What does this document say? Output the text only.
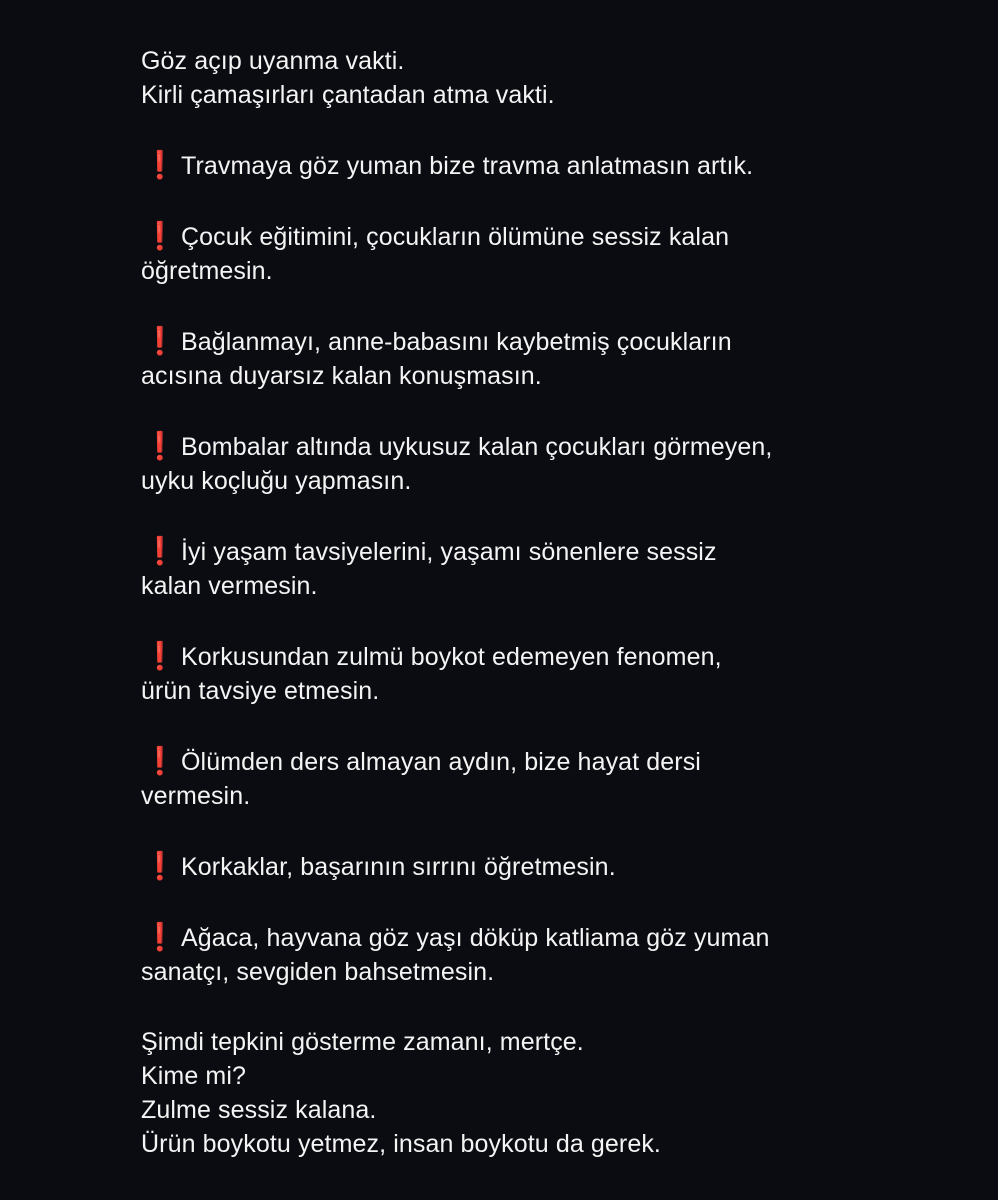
Göz açıp uyanma vakti.
Kirli çamaşırları çantadan atma vakti.
❗ Travmaya göz yuman bize travma anlatmasın artık.
❗ Çocuk eğitimini, çocukların ölümüne sessiz kalan
öğretmesin.
❗ Bağlanmayı, anne-babasını kaybetmiş çocukların
acısına duyarsız kalan konuşmasın.
❗ Bombalar altında uykusuz kalan çocukları görmeyen,
uyku koçluğu yapmasın.
❗ İyi yaşam tavsiyelerini, yaşamı sönenlere sessiz
kalan vermesin.
❗ Korkusundan zulmü boykot edemeyen fenomen,
ürün tavsiye etmesin.
❗ Ölümden ders almayan aydın, bize hayat dersi
vermesin.
❗ Korkaklar, başarının sırrını öğretmesin.
❗ Ağaca, hayvana göz yaşı döküp katliama göz yuman
sanatçı, sevgiden bahsetmesin.
Şimdi tepkini gösterme zamanı, mertçe.
Kime mi?
Zulme sessiz kalana.
Ürün boykotu yetmez, insan boykotu da gerek.
